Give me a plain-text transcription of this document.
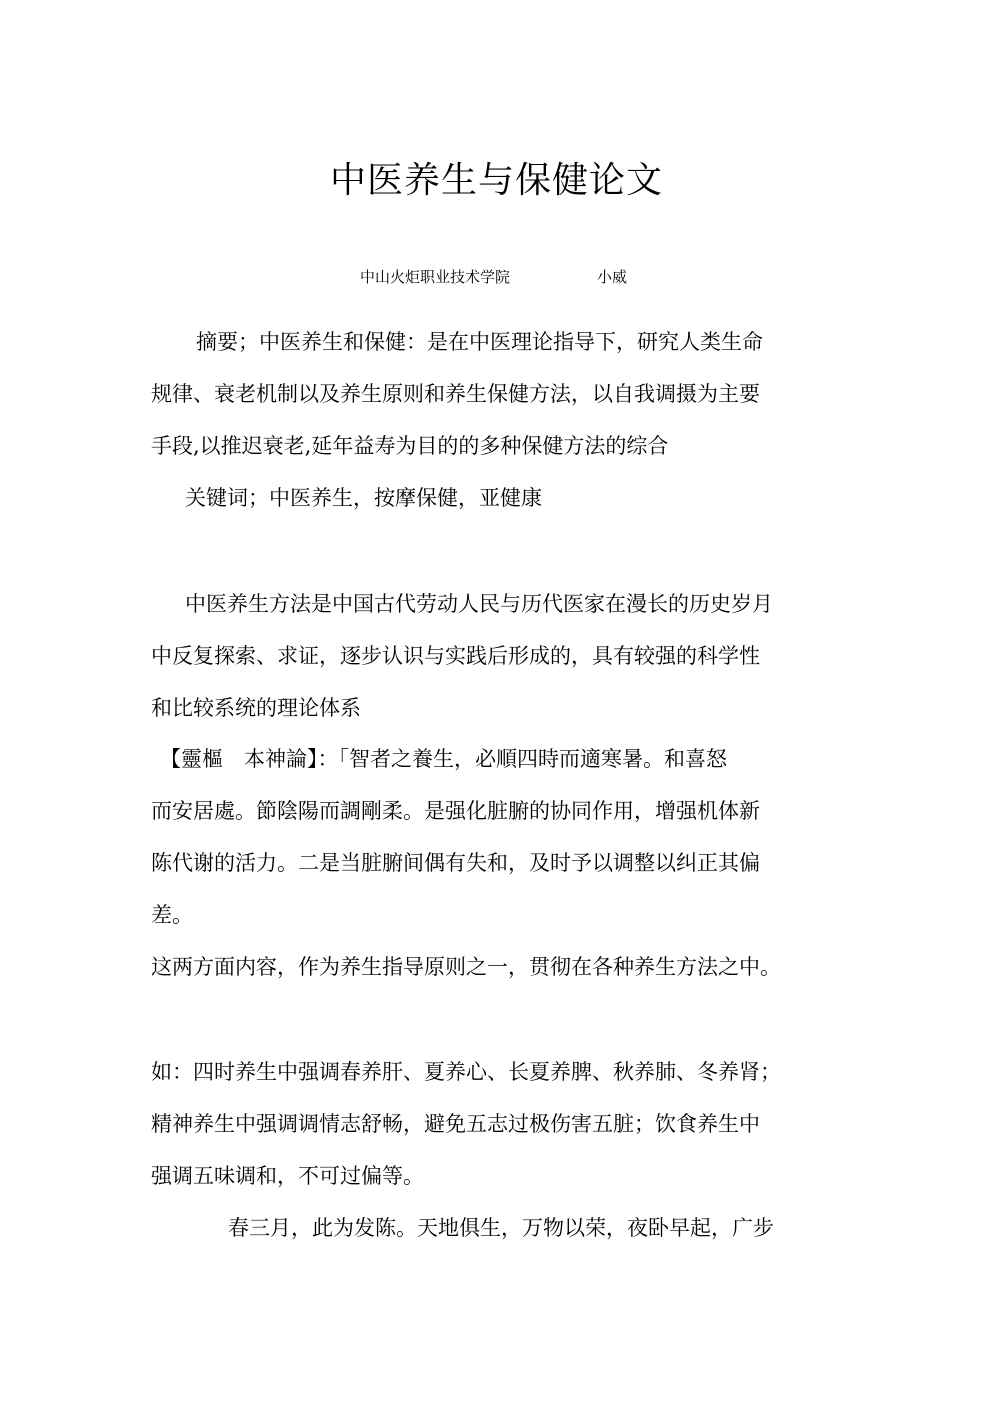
中医养生与保健论文
中山火炬职业技术学院	小威
摘要；中医养生和保健：是在中医理论指导下，研究人类生命
规律、衰老机制以及养生原则和养生保健方法，以自我调摄为主要
手段,以推迟衰老,延年益寿为目的的多种保健方法的综合
关键词；中医养生，按摩保健，亚健康
中医养生方法是中国古代劳动人民与历代医家在漫长的历史岁月
中反复探索、求证，逐步认识与实践后形成的，具有较强的科学性
和比较系统的理论体系
【靈樞　本神論】：「智者之養生，必順四時而適寒暑。和喜怒
而安居處。節陰陽而調剛柔。是强化脏腑的协同作用，增强机体新
陈代谢的活力。二是当脏腑间偶有失和，及时予以调整以纠正其偏
差。
这两方面内容，作为养生指导原则之一，贯彻在各种养生方法之中。
如：四时养生中强调春养肝、夏养心、长夏养脾、秋养肺、冬养肾；
精神养生中强调调情志舒畅，避免五志过极伤害五脏；饮食养生中
强调五味调和，不可过偏等。
春三月，此为发陈。天地俱生，万物以荣，夜卧早起，广步
